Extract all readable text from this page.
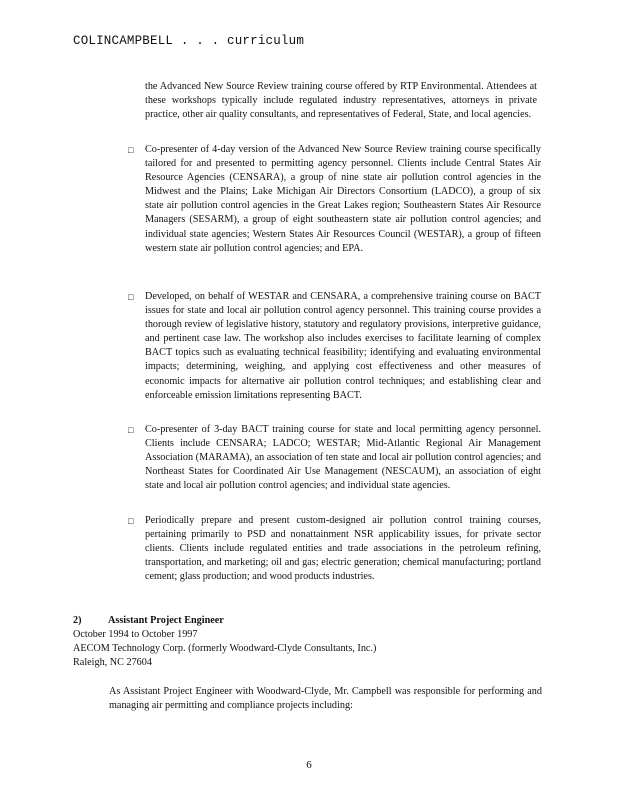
COLINCAMPBELL . . . curriculum
the Advanced New Source Review training course offered by RTP Environmental. Attendees at these workshops typically include regulated industry representatives, attorneys in private practice, other air quality consultants, and representatives of Federal, State, and local agencies.
□	Co-presenter of 4-day version of the Advanced New Source Review training course specifically tailored for and presented to permitting agency personnel. Clients include Central States Air Resource Agencies (CENSARA), a group of nine state air pollution control agencies in the Midwest and the Plains; Lake Michigan Air Directors Consortium (LADCO), a group of six state air pollution control agencies in the Great Lakes region; Southeastern States Air Resource Managers (SESARM), a group of eight southeastern state air pollution control agencies; and individual state agencies; Western States Air Resources Council (WESTAR), a group of fifteen western state air pollution control agencies; and EPA.
□	Developed, on behalf of WESTAR and CENSARA, a comprehensive training course on BACT issues for state and local air pollution control agency personnel. This training course provides a thorough review of legislative history, statutory and regulatory provisions, interpretive guidance, and pertinent case law. The workshop also includes exercises to facilitate learning of complex BACT topics such as evaluating technical feasibility; identifying and evaluating environmental impacts; determining, weighing, and applying cost effectiveness and other measures of economic impacts for alternative air pollution control techniques; and establishing clear and enforceable emission limitations representing BACT.
□	Co-presenter of 3-day BACT training course for state and local permitting agency personnel. Clients include CENSARA; LADCO; WESTAR; Mid-Atlantic Regional Air Management Association (MARAMA), an association of ten state and local air pollution control agencies; and Northeast States for Coordinated Air Use Management (NESCAUM), an association of eight state and local air pollution control agencies; and individual state agencies.
□	Periodically prepare and present custom-designed air pollution control training courses, pertaining primarily to PSD and nonattainment NSR applicability issues, for private sector clients. Clients include regulated entities and trade associations in the petroleum refining, transportation, and marketing; oil and gas; electric generation; chemical manufacturing; portland cement; glass production; and wood products industries.
2)	Assistant Project Engineer
October 1994 to October 1997
AECOM Technology Corp. (formerly Woodward-Clyde Consultants, Inc.)
Raleigh, NC 27604
As Assistant Project Engineer with Woodward-Clyde, Mr. Campbell was responsible for performing and managing air permitting and compliance projects including:
6
